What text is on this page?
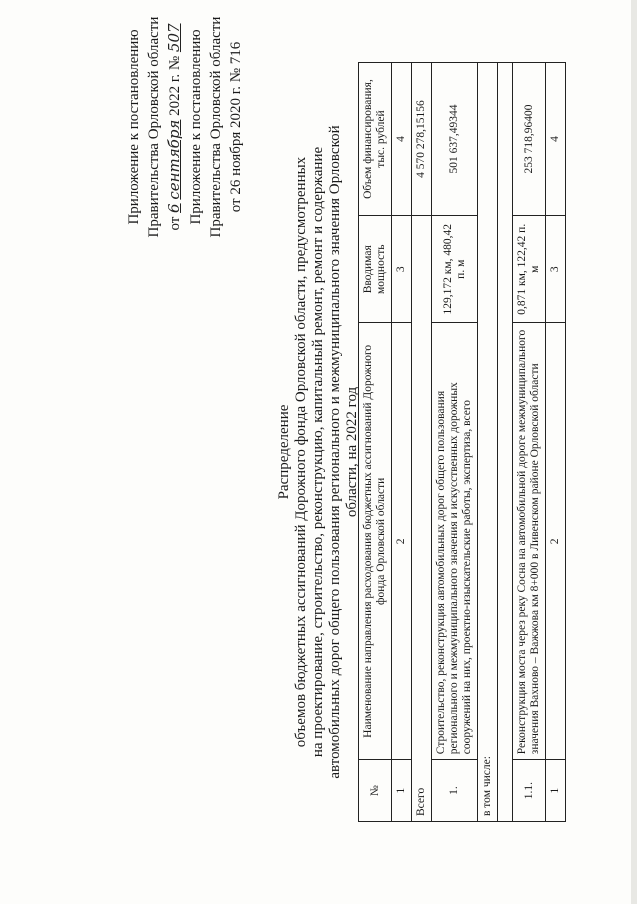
Приложение к постановлению Правительства Орловской области от 6 сентября 2022 г. № 507 Приложение к постановлению Правительства Орловской области от 26 ноября 2020 г. № 716
Распределение объемов бюджетных ассигнований Дорожного фонда Орловской области, предусмотренных на проектирование, строительство, реконструкцию, капитальный ремонт, ремонт и содержание автомобильных дорог общего пользования регионального и межмуниципального значения Орловской области, на 2022 год
№	Наименование направления расходования бюджетных ассигнований Дорожного фонда Орловской области	Вводимая мощность	Объем финансирования, тыс. рублей
1	2	3	4
Всего			4 570 278,15156
1.	Строительство, реконструкция автомобильных дорог общего пользования регионального и межмуниципального значения и искусственных дорожных сооружений на них, проектно-изыскательские работы, экспертиза, всего	129,172 км, 480,42 п. м	501 637,49344
в том числе:			

1.1.	Реконструкция моста через реку Сосна на автомобильной дороге межмуниципального значения Вахново – Важжова км 8+000 в Ливенском районе Орловской области	0,871 км, 122,42 п. м	253 718,96400
1	2	3	4
